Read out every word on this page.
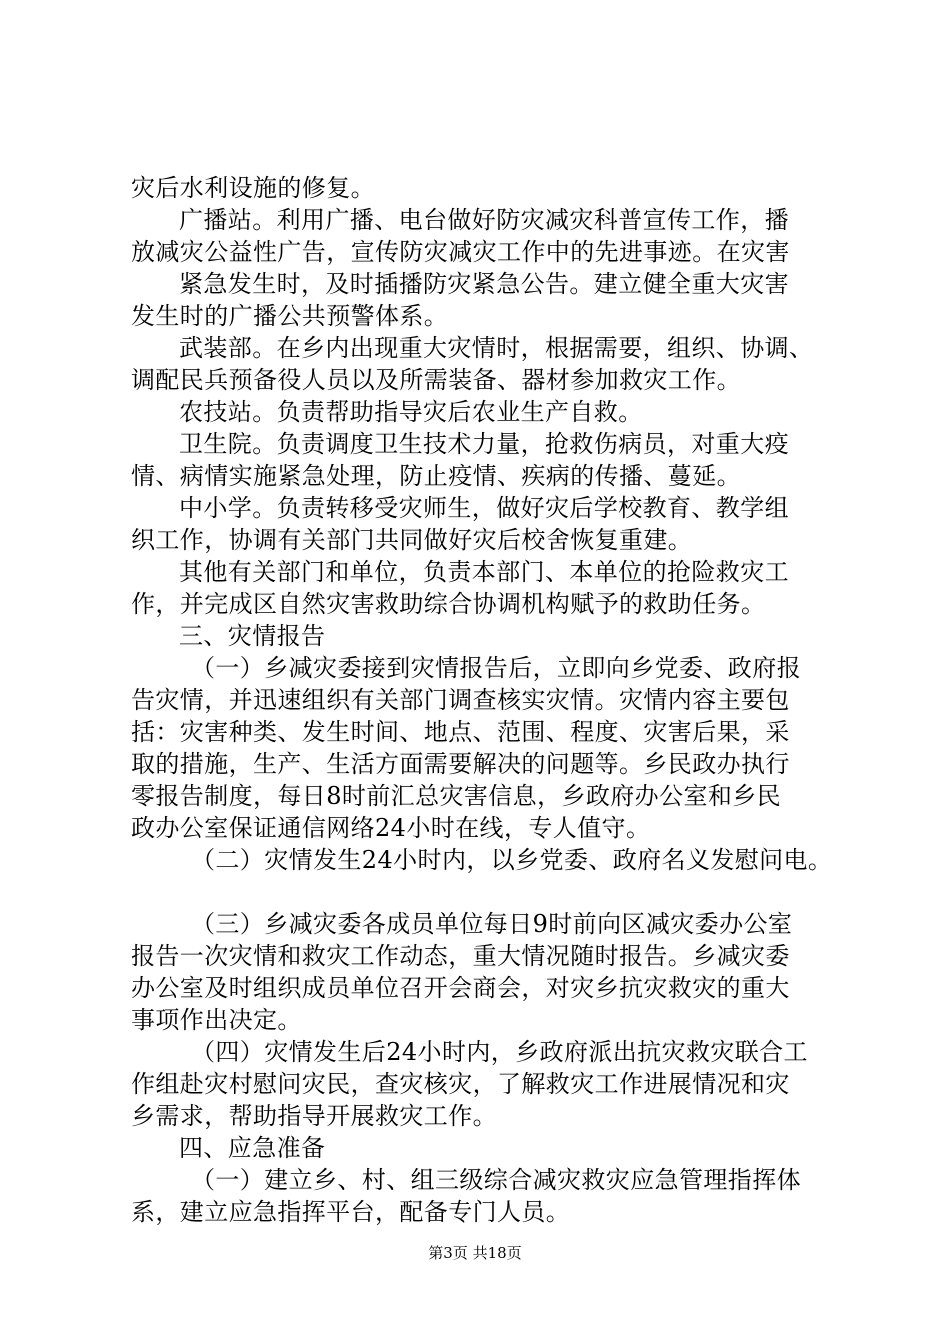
灾后水利设施的修复。
广播站。利用广播、电台做好防灾减灾科普宣传工作，播
放减灾公益性广告，宣传防灾减灾工作中的先进事迹。在灾害
紧急发生时，及时插播防灾紧急公告。建立健全重大灾害
发生时的广播公共预警体系。
武装部。在乡内出现重大灾情时，根据需要，组织、协调、
调配民兵预备役人员以及所需装备、器材参加救灾工作。
农技站。负责帮助指导灾后农业生产自救。
卫生院。负责调度卫生技术力量，抢救伤病员，对重大疫
情、病情实施紧急处理，防止疫情、疾病的传播、蔓延。
中小学。负责转移受灾师生，做好灾后学校教育、教学组
织工作，协调有关部门共同做好灾后校舍恢复重建。
其他有关部门和单位，负责本部门、本单位的抢险救灾工
作，并完成区自然灾害救助综合协调机构赋予的救助任务。
三、灾情报告
（一）乡减灾委接到灾情报告后，立即向乡党委、政府报
告灾情，并迅速组织有关部门调查核实灾情。灾情内容主要包
括：灾害种类、发生时间、地点、范围、程度、灾害后果，采
取的措施，生产、生活方面需要解决的问题等。乡民政办执行
零报告制度，每日8时前汇总灾害信息，乡政府办公室和乡民
政办公室保证通信网络24小时在线，专人值守。
（二）灾情发生24小时内，以乡党委、政府名义发慰问电。
（三）乡减灾委各成员单位每日9时前向区减灾委办公室
报告一次灾情和救灾工作动态，重大情况随时报告。乡减灾委
办公室及时组织成员单位召开会商会，对灾乡抗灾救灾的重大
事项作出决定。
（四）灾情发生后24小时内，乡政府派出抗灾救灾联合工
作组赴灾村慰问灾民，查灾核灾，了解救灾工作进展情况和灾
乡需求，帮助指导开展救灾工作。
四、应急准备
（一）建立乡、村、组三级综合减灾救灾应急管理指挥体
系，建立应急指挥平台，配备专门人员。
第3页 共18页
